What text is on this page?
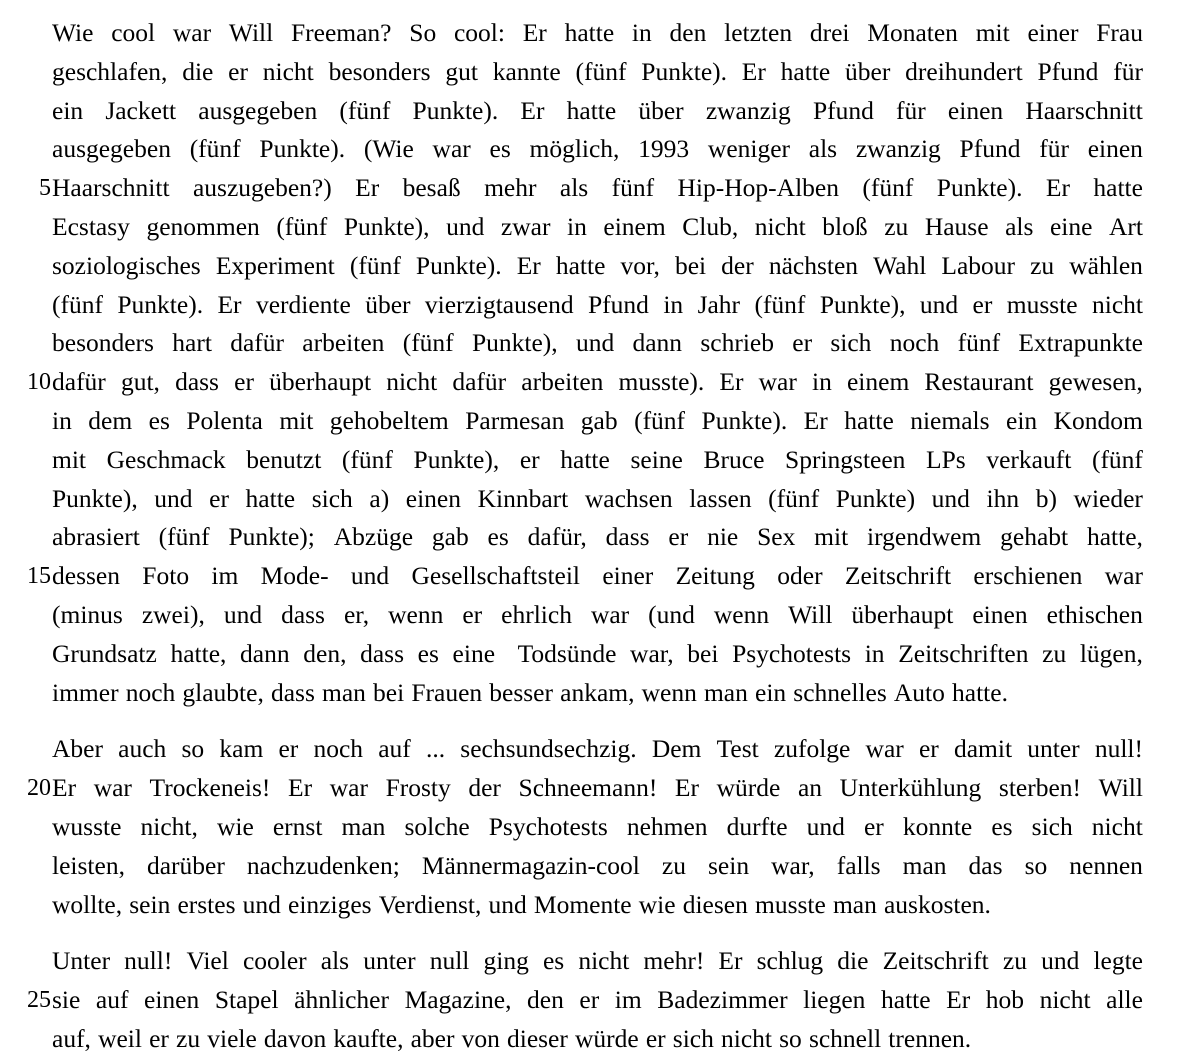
Wie cool war Will Freeman? So cool: Er hatte in den letzten drei Monaten mit einer Frau
geschlafen, die er nicht besonders gut kannte (fünf Punkte). Er hatte über dreihundert Pfund für
ein Jackett ausgegeben (fünf Punkte). Er hatte über zwanzig Pfund für einen Haarschnitt
ausgegeben (fünf Punkte). (Wie war es möglich, 1993 weniger als zwanzig Pfund für einen
5 Haarschnitt auszugeben?) Er besaß mehr als fünf Hip-Hop-Alben (fünf Punkte). Er hatte
Ecstasy genommen (fünf Punkte), und zwar in einem Club, nicht bloß zu Hause als eine Art
soziologisches Experiment (fünf Punkte). Er hatte vor, bei der nächsten Wahl Labour zu wählen
(fünf Punkte). Er verdiente über vierzigtausend Pfund in Jahr (fünf Punkte), und er musste nicht
besonders hart dafür arbeiten (fünf Punkte), und dann schrieb er sich noch fünf Extrapunkte
10 dafür gut, dass er überhaupt nicht dafür arbeiten musste). Er war in einem Restaurant gewesen,
in dem es Polenta mit gehobeltem Parmesan gab (fünf Punkte). Er hatte niemals ein Kondom
mit Geschmack benutzt (fünf Punkte), er hatte seine Bruce Springsteen LPs verkauft (fünf
Punkte), und er hatte sich a) einen Kinnbart wachsen lassen (fünf Punkte) und ihn b) wieder
abrasiert (fünf Punkte); Abzüge gab es dafür, dass er nie Sex mit irgendwem gehabt hatte,
15 dessen Foto im Mode- und Gesellschaftsteil einer Zeitung oder Zeitschrift erschienen war
(minus zwei), und dass er, wenn er ehrlich war (und wenn Will überhaupt einen ethischen
Grundsatz hatte, dann den, dass es eine Todsünde war, bei Psychotests in Zeitschriften zu lügen,
immer noch glaubte, dass man bei Frauen besser ankam, wenn man ein schnelles Auto hatte.
Aber auch so kam er noch auf ... sechsundsechzig. Dem Test zufolge war er damit unter null!
20 Er war Trockeneis! Er war Frosty der Schneemann! Er würde an Unterkühlung sterben! Will
wusste nicht, wie ernst man solche Psychotests nehmen durfte und er konnte es sich nicht
leisten, darüber nachzudenken; Männermagazin-cool zu sein war, falls man das so nennen
wollte, sein erstes und einziges Verdienst, und Momente wie diesen musste man auskosten.
Unter null! Viel cooler als unter null ging es nicht mehr! Er schlug die Zeitschrift zu und legte
25 sie auf einen Stapel ähnlicher Magazine, den er im Badezimmer liegen hatte Er hob nicht alle
auf, weil er zu viele davon kaufte, aber von dieser würde er sich nicht so schnell trennen.
